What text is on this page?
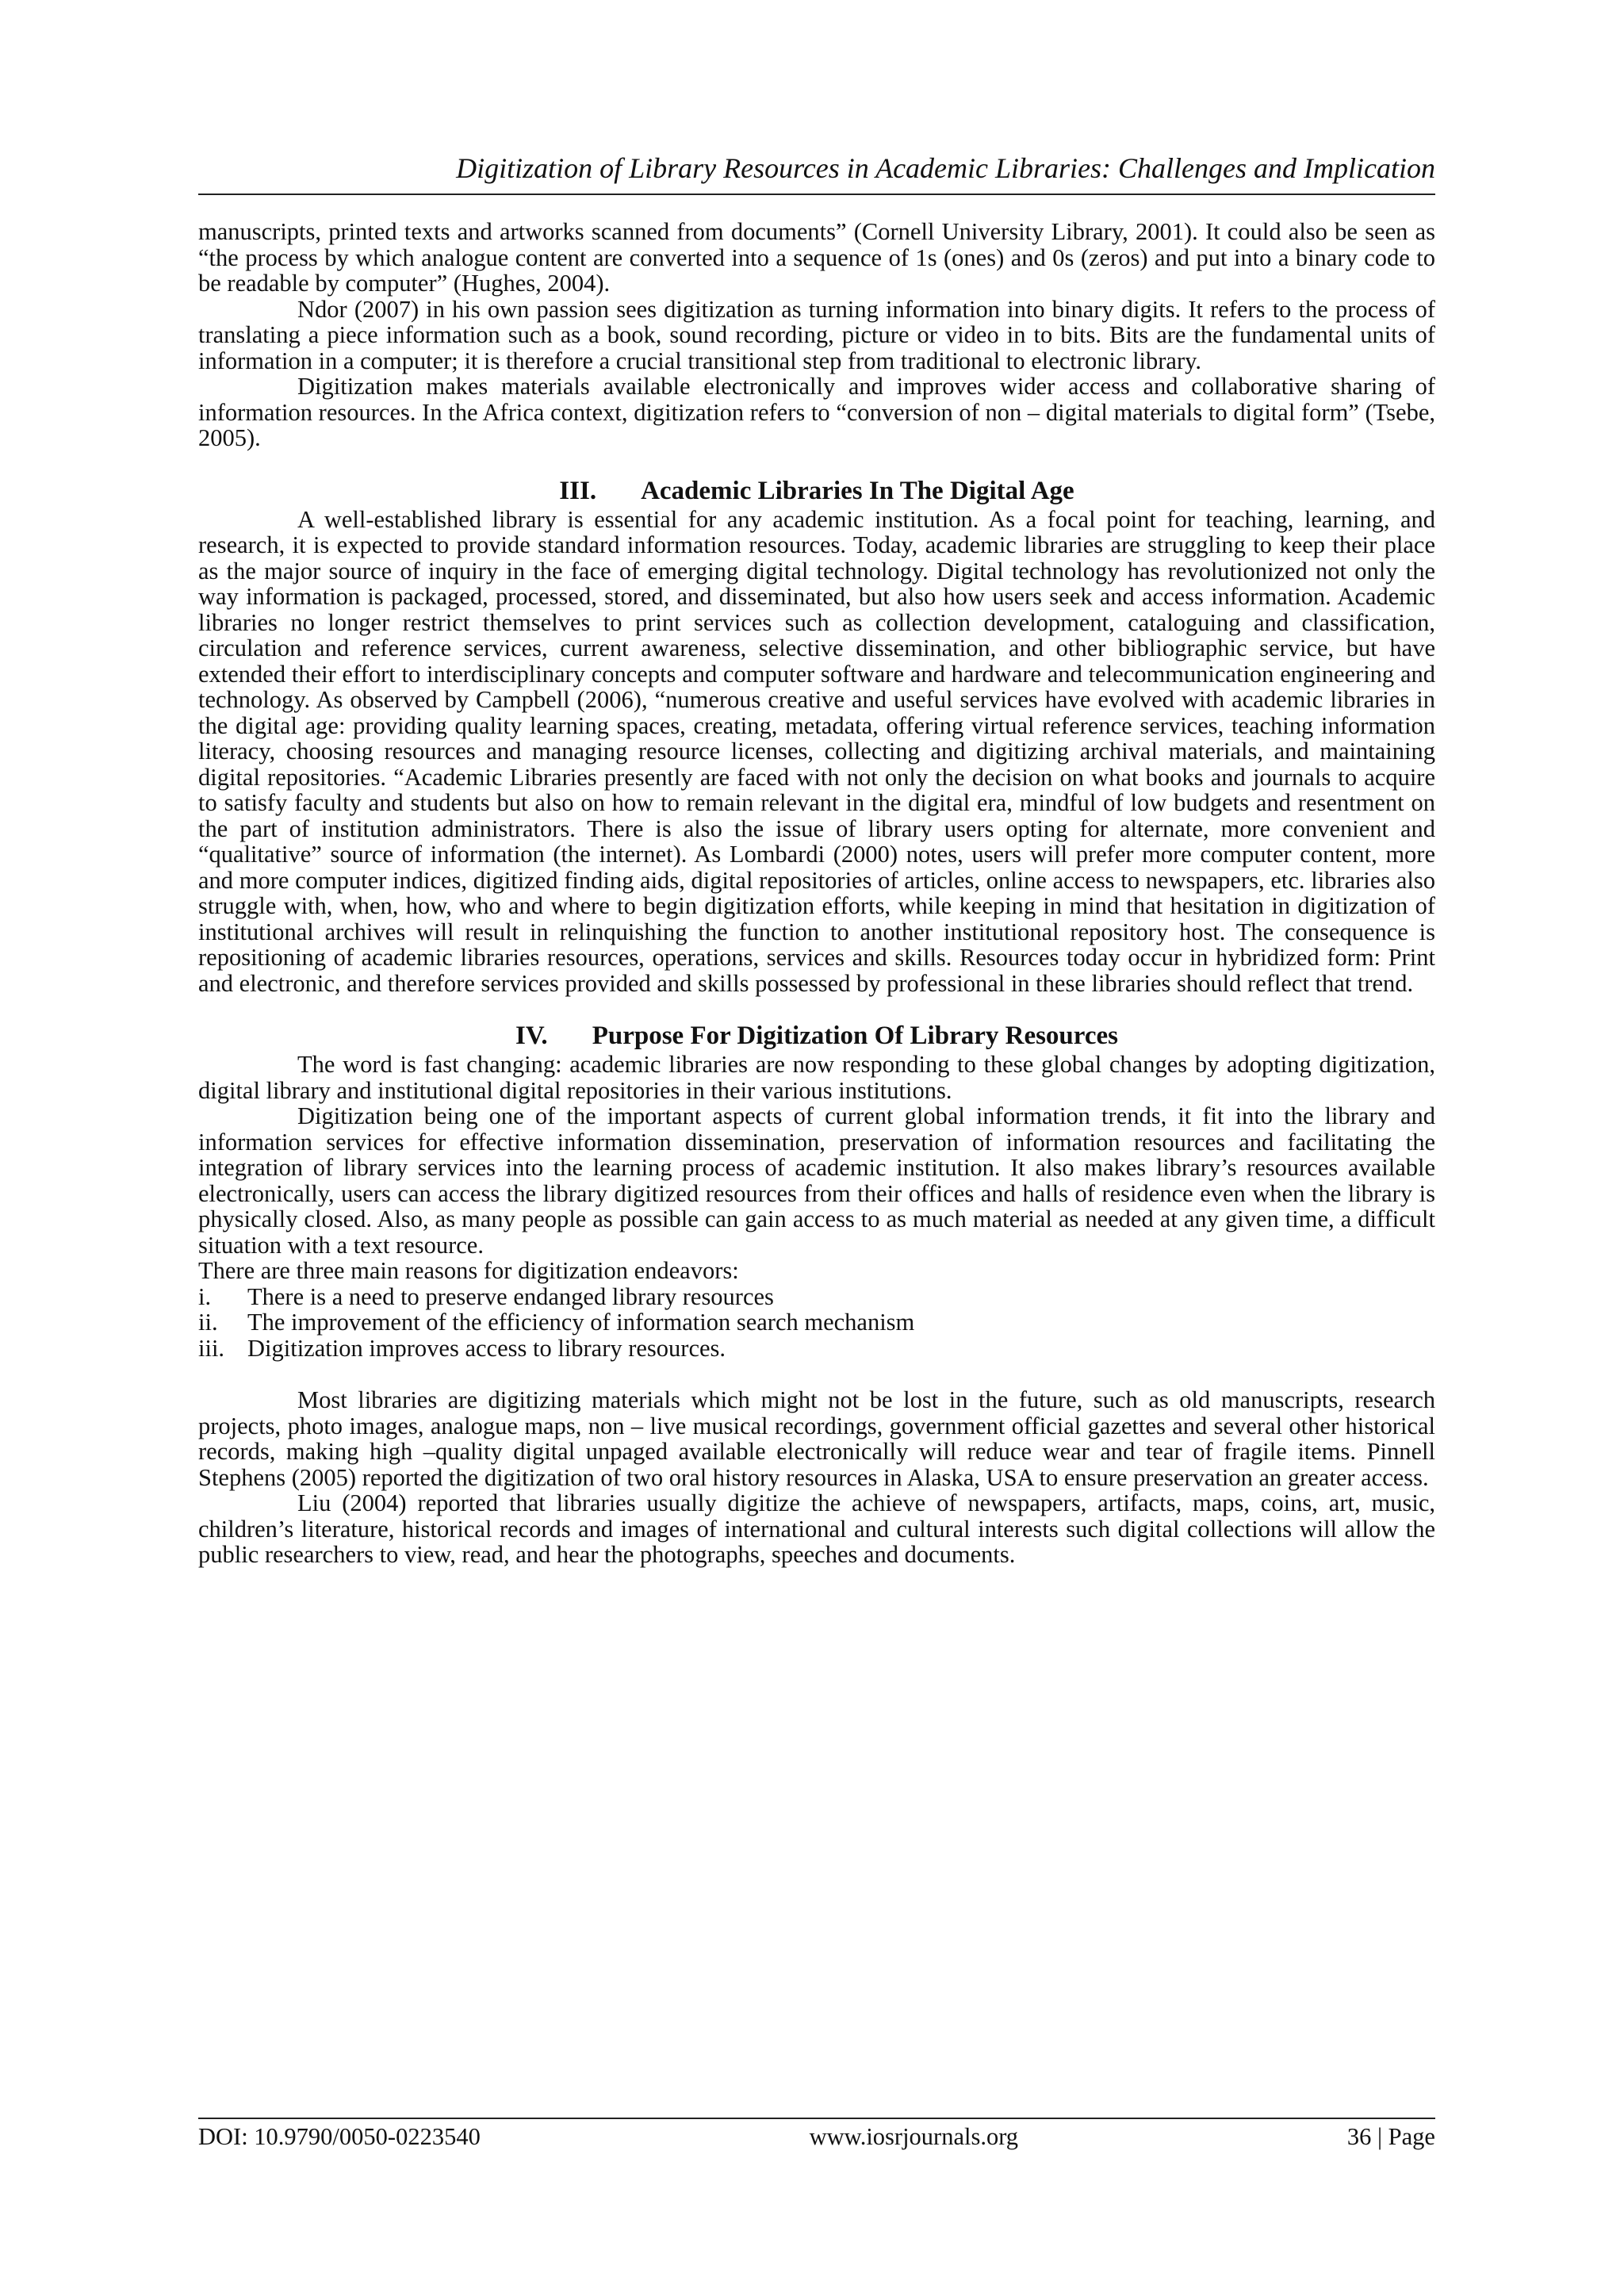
Digitization of Library Resources in Academic Libraries: Challenges and Implication

manuscripts, printed texts and artworks scanned from documents” (Cornell University Library, 2001). It could also be seen as “the process by which analogue content are converted into a sequence of 1s (ones) and 0s (zeros) and put into a binary code to be readable by computer” (Hughes, 2004).

Ndor (2007) in his own passion sees digitization as turning information into binary digits. It refers to the process of translating a piece information such as a book, sound recording, picture or video in to bits. Bits are the fundamental units of information in a computer; it is therefore a crucial transitional step from traditional to electronic library.

Digitization makes materials available electronically and improves wider access and collaborative sharing of information resources. In the Africa context, digitization refers to “conversion of non – digital materials to digital form” (Tsebe, 2005).

III. Academic Libraries In The Digital Age

A well-established library is essential for any academic institution. As a focal point for teaching, learning, and research, it is expected to provide standard information resources. Today, academic libraries are struggling to keep their place as the major source of inquiry in the face of emerging digital technology. Digital technology has revolutionized not only the way information is packaged, processed, stored, and disseminated, but also how users seek and access information. Academic libraries no longer restrict themselves to print services such as collection development, cataloguing and classification, circulation and reference services, current awareness, selective dissemination, and other bibliographic service, but have extended their effort to interdisciplinary concepts and computer software and hardware and telecommunication engineering and technology. As observed by Campbell (2006), “numerous creative and useful services have evolved with academic libraries in the digital age: providing quality learning spaces, creating, metadata, offering virtual reference services, teaching information literacy, choosing resources and managing resource licenses, collecting and digitizing archival materials, and maintaining digital repositories. “Academic Libraries presently are faced with not only the decision on what books and journals to acquire to satisfy faculty and students but also on how to remain relevant in the digital era, mindful of low budgets and resentment on the part of institution administrators. There is also the issue of library users opting for alternate, more convenient and “qualitative” source of information (the internet). As Lombardi (2000) notes, users will prefer more computer content, more and more computer indices, digitized finding aids, digital repositories of articles, online access to newspapers, etc. libraries also struggle with, when, how, who and where to begin digitization efforts, while keeping in mind that hesitation in digitization of institutional archives will result in relinquishing the function to another institutional repository host. The consequence is repositioning of academic libraries resources, operations, services and skills. Resources today occur in hybridized form: Print and electronic, and therefore services provided and skills possessed by professional in these libraries should reflect that trend.

IV. Purpose For Digitization Of Library Resources

The word is fast changing: academic libraries are now responding to these global changes by adopting digitization, digital library and institutional digital repositories in their various institutions.

Digitization being one of the important aspects of current global information trends, it fit into the library and information services for effective information dissemination, preservation of information resources and facilitating the integration of library services into the learning process of academic institution. It also makes library’s resources available electronically, users can access the library digitized resources from their offices and halls of residence even when the library is physically closed. Also, as many people as possible can gain access to as much material as needed at any given time, a difficult situation with a text resource.

There are three main reasons for digitization endeavors:

i.	There is a need to preserve endanged library resources
ii.	The improvement of the efficiency of information search mechanism
iii. Digitization improves access to library resources.

Most libraries are digitizing materials which might not be lost in the future, such as old manuscripts, research projects, photo images, analogue maps, non – live musical recordings, government official gazettes and several other historical records, making high –quality digital unpaged available electronically will reduce wear and tear of fragile items. Pinnell Stephens (2005) reported the digitization of two oral history resources in Alaska, USA to ensure preservation an greater access.

Liu (2004) reported that libraries usually digitize the achieve of newspapers, artifacts, maps, coins, art, music, children’s literature, historical records and images of international and cultural interests such digital collections will allow the public researchers to view, read, and hear the photographs, speeches and documents.

DOI: 10.9790/0050-0223540	www.iosrjournals.org	36 | Page
